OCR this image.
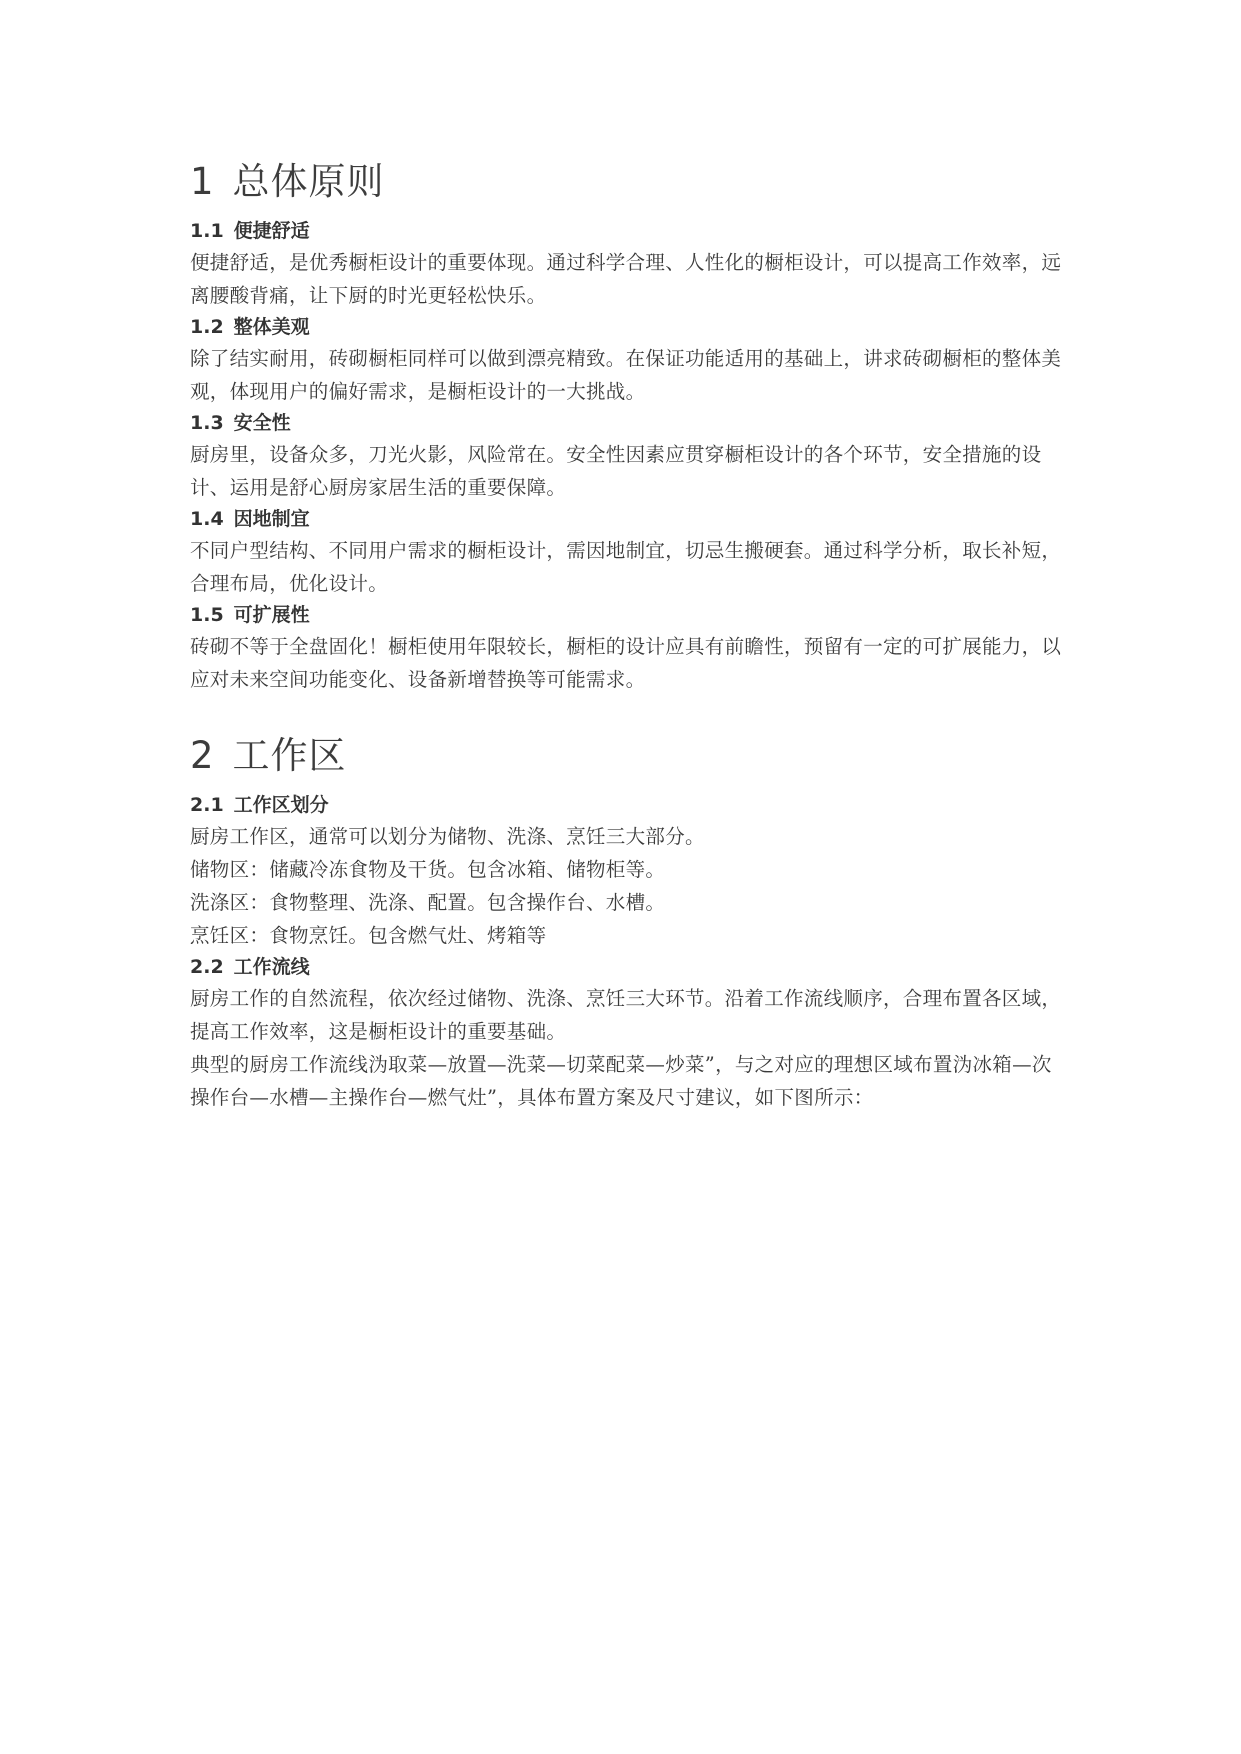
1 总体原则
1.1 便捷舒适

便捷舒适，是优秀橱柜设计的重要体现。通过科学合理、人性化的橱柜设计，可以提高工作效率，远离腰酸背痛，让下厨的时光更轻松快乐。

1.2 整体美观

除了结实耐用，砖砌橱柜同样可以做到漂亮精致。在保证功能适用的基础上，讲求砖砌橱柜的整体美观，体现用户的偏好需求，是橱柜设计的一大挑战。

1.3 安全性

厨房里，设备众多，刀光火影，风险常在。安全性因素应贯穿橱柜设计的各个环节，安全措施的设计、运用是舒心厨房家居生活的重要保障。

1.4 因地制宜

不同户型结构、不同用户需求的橱柜设计，需因地制宜，切忌生搬硬套。通过科学分析，取长补短，合理布局，优化设计。

1.5 可扩展性

砖砌不等于全盘固化！橱柜使用年限较长，橱柜的设计应具有前瞻性，预留有一定的可扩展能力，以应对未来空间功能变化、设备新增替换等可能需求。

2 工作区
2.1 工作区划分

厨房工作区，通常可以划分为储物、洗涤、烹饪三大部分。

储物区：储藏冷冻食物及干货。包含冰箱、储物柜等。

洗涤区：食物整理、洗涤、配置。包含操作台、水槽。

烹饪区：食物烹饪。包含燃气灶、烤箱等

2.2 工作流线

厨房工作的自然流程，依次经过储物、洗涤、烹饪三大环节。沿着工作流线顺序，合理布置各区域，提高工作效率，这是橱柜设计的重要基础。

典型的厨房工作流线沩取菜—放置—洗菜—切菜配菜—炒菜”，与之对应的理想区域布置沩冰箱—次操作台—水槽—主操作台—燃气灶”，具体布置方案及尺寸建议，如下图所示：
